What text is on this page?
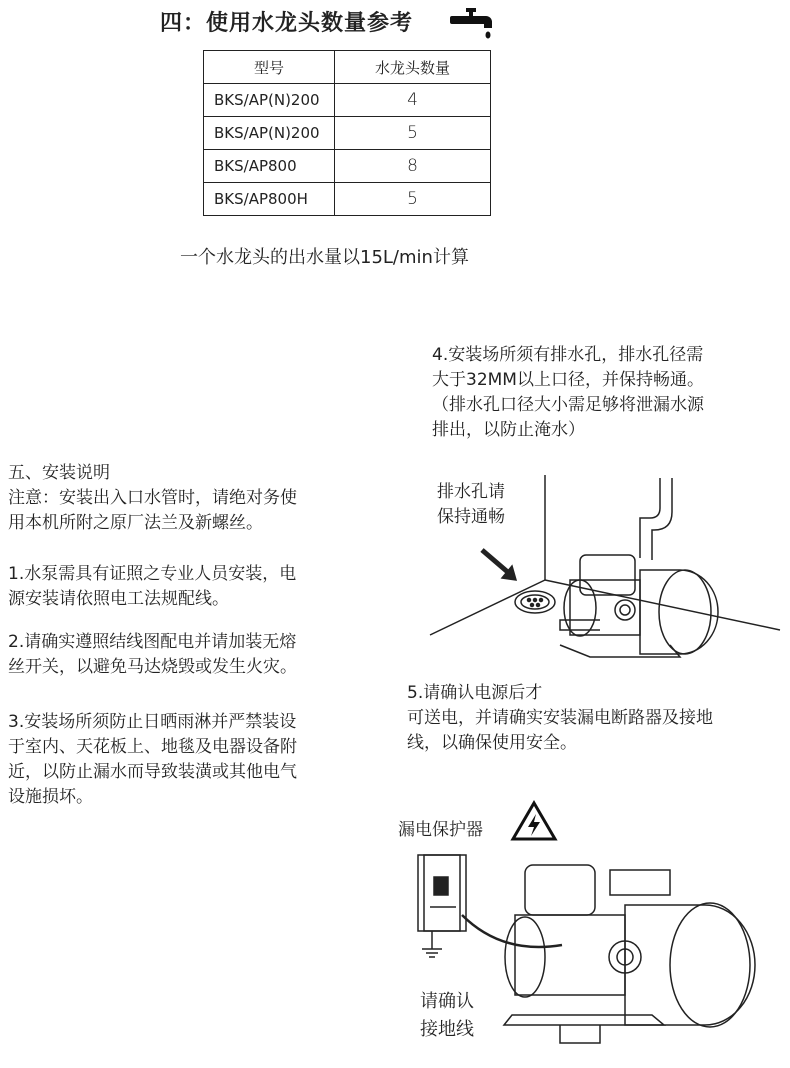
四：使用水龙头数量参考
型号	水龙头数量
BKS/AP(N)200	4
BKS/AP(N)200	5
BKS/AP800	8
BKS/AP800H	5
一个水龙头的出水量以15L/min计算
五、安装说明
注意：安装出入口水管时，请绝对务使
用本机所附之原厂法兰及新螺丝。
1.水泵需具有证照之专业人员安装，电
源安装请依照电工法规配线。
2.请确实遵照结线图配电并请加装无熔
丝开关，以避免马达烧毁或发生火灾。
3.安装场所须防止日晒雨淋并严禁装设
于室内、天花板上、地毯及电器设备附
近，以防止漏水而导致装潢或其他电气
设施损坏。
4.安装场所须有排水孔，排水孔径需
大于32MM以上口径，并保持畅通。
（排水孔口径大小需足够将泄漏水源
排出，以防止淹水）
5.请确认电源后才
可送电，并请确实安装漏电断路器及接地
线，以确保使用安全。
排水孔请
保持通畅
漏电保护器
请确认
接地线
